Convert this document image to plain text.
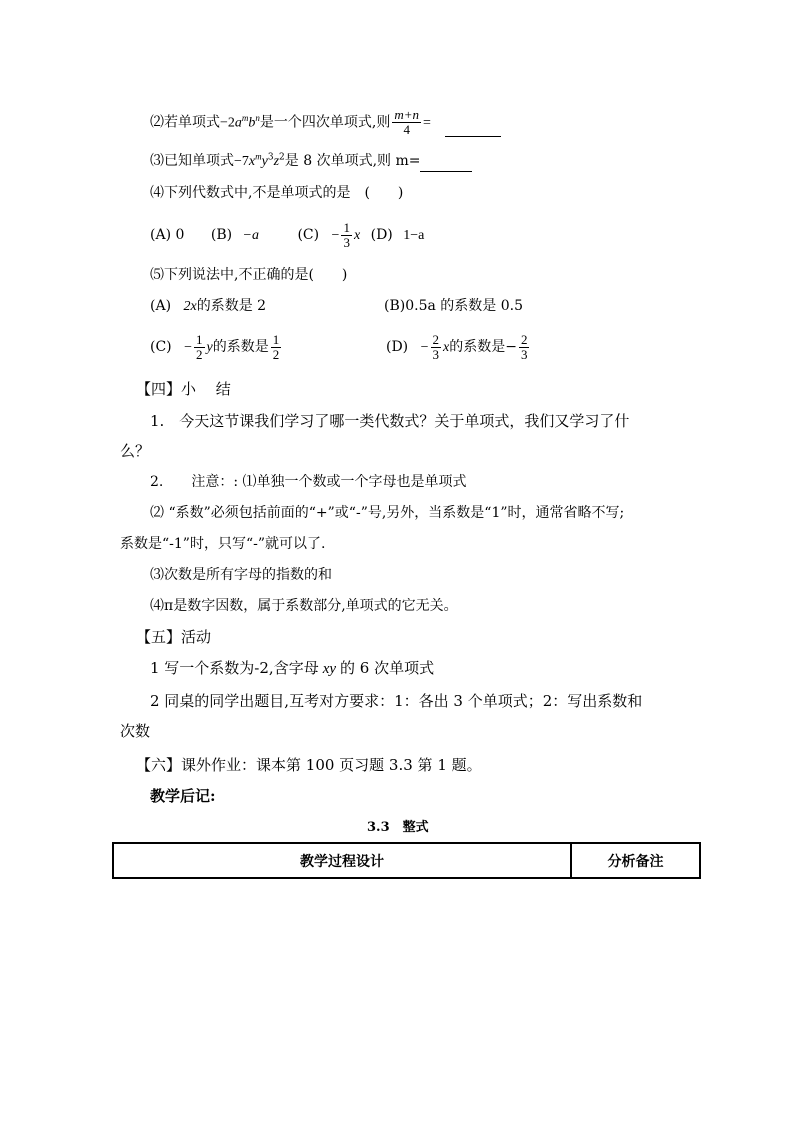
⑵若单项式$-2a^mb^n$是一个四次单项式,则 $\frac{m+n}{4}$ =
⑶已知单项式$-7x^my^3z^2$是 8 次单项式,则 m=
⑷下列代数式中,不是单项式的是　(　　)
(A) 0 (B) −a	$(C) - \frac{1}{3}$ x (D) 1−a
⑸下列说法中,不正确的是(　　)
(A) 2x的系数是 2	(B)0.5a 的系数是 0.5
$(C) - \frac{1}{2}$ y的系数是 $\frac{1}{2}$	$(D) - \frac{2}{3}$ x的系数是− $\frac{2}{3}$
【四】小　 结
1.　今天这节课我们学习了哪一类代数式？关于单项式，我们又学习了什
么？
2.　　注意：: ⑴单独一个数或一个字母也是单项式
⑵ “系数”必须包括前面的“+”或“-”号,另外，当系数是“1”时，通常省略不写;
系数是“-1”时，只写“-”就可以了.
⑶次数是所有字母的指数的和
⑷π是数字因数，属于系数部分,单项式的它无关。
【五】活动
1 写一个系数为-2,含字母 xy 的 6 次单项式
2 同桌的同学出题目,互考对方要求：1：各出 3 个单项式；2：写出系数和
次数
【六】课外作业：课本第 100 页习题 3.3 第 1 题。
教学后记:
3.3　整式
教学过程设计	分析备注
